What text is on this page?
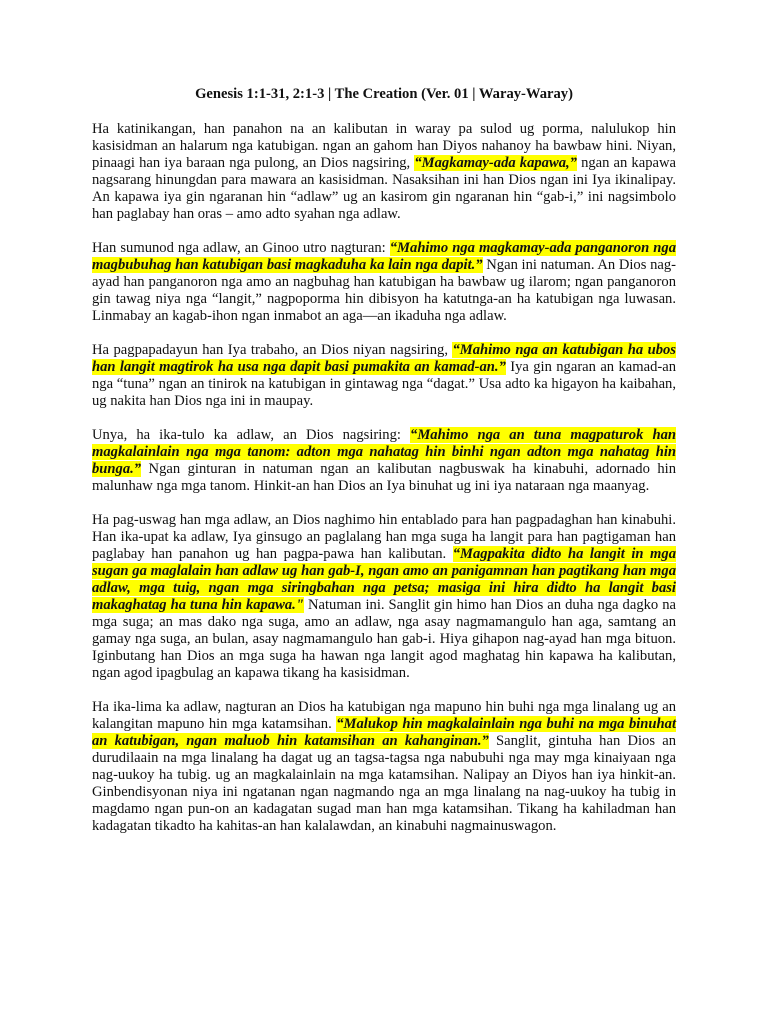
Genesis 1:1-31, 2:1-3 | The Creation (Ver. 01 | Waray-Waray)
Ha katinikangan, han panahon na an kalibutan in waray pa sulod ug porma, nalulukop hin kasisidman an halarum nga katubigan. ngan an gahom han Diyos nahanoy ha bawbaw hini. Niyan, pinaagi han iya baraan nga pulong, an Dios nagsiring, “Magkamay-ada kapawa,” ngan an kapawa nagsarang hinungdan para mawara an kasisidman. Nasaksihan ini han Dios ngan ini Iya ikinalipay. An kapawa iya gin ngaranan hin “adlaw” ug an kasirom gin ngaranan hin “gab-i,” ini nagsimbolo han paglabay han oras – amo adto syahan nga adlaw.
Han sumunod nga adlaw, an Ginoo utro nagturan: “Mahimo nga magkamay-ada panganoron nga magbubuhag han katubigan basi magkaduha ka lain nga dapit.” Ngan ini natuman. An Dios nag-ayad han panganoron nga amo an nagbuhag han katubigan ha bawbaw ug ilarom; ngan panganoron gin tawag niya nga “langit,” nagpoporma hin dibisyon ha katutnga-an ha katubigan nga luwasan. Linmabay an kagab-ihon ngan inmabot an aga—an ikaduha nga adlaw.
Ha pagpapadayun han Iya trabaho, an Dios niyan nagsiring, “Mahimo nga an katubigan ha ubos han langit magtirok ha usa nga dapit basi pumakita an kamad-an.” Iya gin ngaran an kamad-an nga “tuna” ngan an tinirok na katubigan in gintawag nga “dagat.” Usa adto ka higayon ha kaibahan, ug nakita han Dios nga ini in maupay.
Unya, ha ika-tulo ka adlaw, an Dios nagsiring: “Mahimo nga an tuna magpaturok han magkalainlain nga mga tanom: adton mga nahatag hin binhi ngan adton mga nahatag hin bunga.” Ngan ginturan in natuman ngan an kalibutan nagbuswak ha kinabuhi, adornado hin malunhaw nga mga tanom. Hinkit-an han Dios an Iya binuhat ug ini iya nataraan nga maanyag.
Ha pag-uswag han mga adlaw, an Dios naghimo hin entablado para han pagpadaghan han kinabuhi. Han ika-upat ka adlaw, Iya ginsugo an paglalang han mga suga ha langit para han pagtigaman han paglabay han panahon ug han pagpa-pawa han kalibutan. “Magpakita didto ha langit in mga sugan ga maglalain han adlaw ug han gab-I, ngan amo an panigamnan han pagtikang han mga adlaw, mga tuig, ngan mga siringbahan nga petsa; masiga ini hira didto ha langit basi makaghatag ha tuna hin kapawa." Natuman ini. Sanglit gin himo han Dios an duha nga dagko na mga suga; an mas dako nga suga, amo an adlaw, nga asay nagmamangulo han aga, samtang an gamay nga suga, an bulan, asay nagmamangulo han gab-i. Hiya gihapon nag-ayad han mga bituon. Iginbutang han Dios an mga suga ha hawan nga langit agod maghatag hin kapawa ha kalibutan, ngan agod ipagbulag an kapawa tikang ha kasisidman.
Ha ika-lima ka adlaw, nagturan an Dios ha katubigan nga mapuno hin buhi nga mga linalang ug an kalangitan mapuno hin mga katamsihan. “Malukop hin magkalainlain nga buhi na mga binuhat an katubigan, ngan maluob hin katamsihan an kahanginan.” Sanglit, gintuha han Dios an durudilaain na mga linalang ha dagat ug an tagsa-tagsa nga nabubuhi nga may mga kinaiyaan nga nag-uukoy ha tubig. ug an magkalainlain na mga katamsihan. Nalipay an Diyos han iya hinkit-an. Ginbendisyonan niya ini ngatanan ngan nagmando nga an mga linalang na nag-uukoy ha tubig in magdamo ngan pun-on an kadagatan sugad man han mga katamsihan. Tikang ha kahiladman han kadagatan tikadto ha kahitas-an han kalalawdan, an kinabuhi nagmainuswagon.
